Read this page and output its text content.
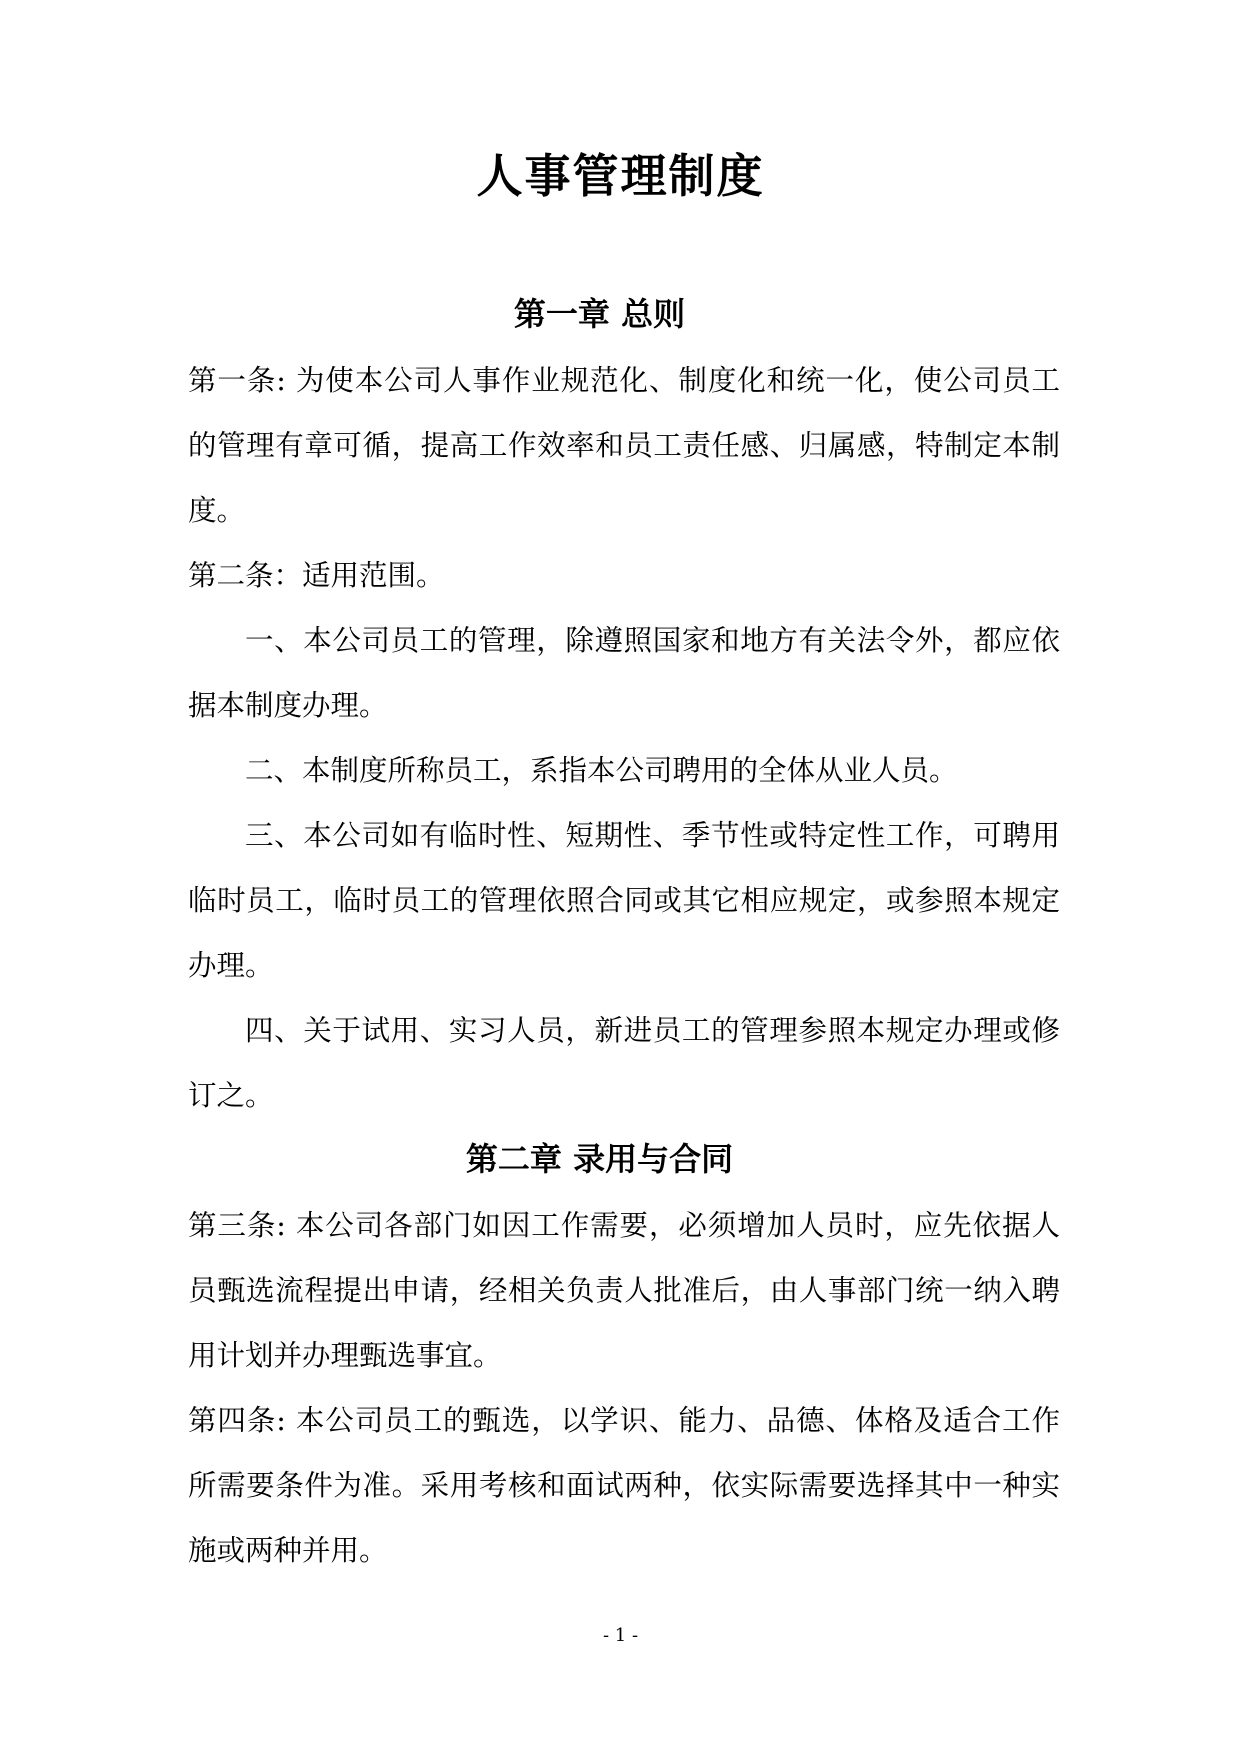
人事管理制度
第一章 总则
第一条: 为使本公司人事作业规范化、制度化和统一化，使公司员工的管理有章可循，提高工作效率和员工责任感、归属感，特制定本制度。
第二条：适用范围。
一、本公司员工的管理，除遵照国家和地方有关法令外，都应依据本制度办理。
二、本制度所称员工，系指本公司聘用的全体从业人员。
三、本公司如有临时性、短期性、季节性或特定性工作，可聘用临时员工，临时员工的管理依照合同或其它相应规定，或参照本规定办理。
四、关于试用、实习人员，新进员工的管理参照本规定办理或修订之。
第二章 录用与合同
第三条: 本公司各部门如因工作需要，必须增加人员时，应先依据人员甄选流程提出申请，经相关负责人批准后，由人事部门统一纳入聘用计划并办理甄选事宜。
第四条: 本公司员工的甄选，以学识、能力、品德、体格及适合工作所需要条件为准。采用考核和面试两种，依实际需要选择其中一种实施或两种并用。
- 1 -
